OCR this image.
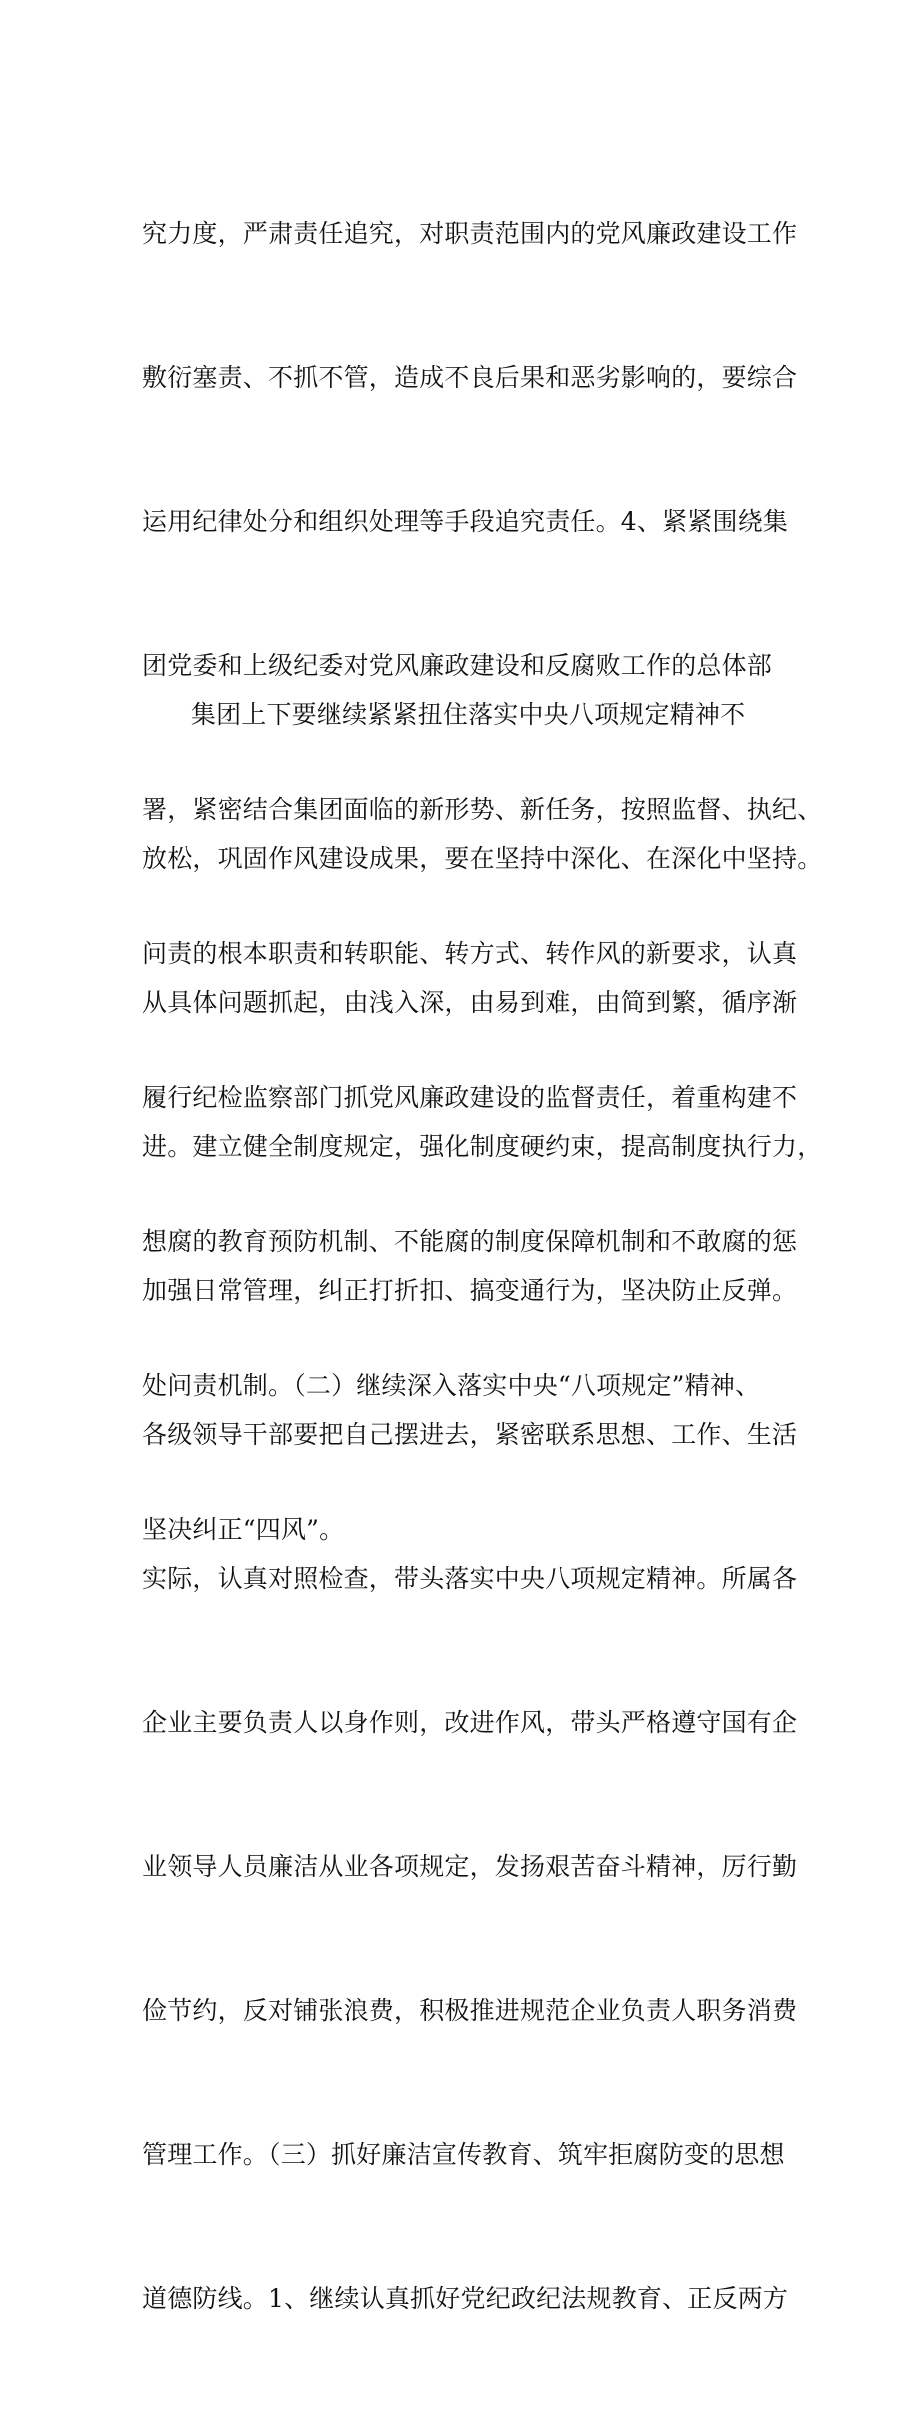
究力度，严肃责任追究，对职责范围内的党风廉政建设工作

敷衍塞责、不抓不管，造成不良后果和恶劣影响的，要综合

运用纪律处分和组织处理等手段追究责任。4、紧紧围绕集

团党委和上级纪委对党风廉政建设和反腐败工作的总体部

署，紧密结合集团面临的新形势、新任务，按照监督、执纪、

问责的根本职责和转职能、转方式、转作风的新要求，认真

履行纪检监察部门抓党风廉政建设的监督责任，着重构建不

想腐的教育预防机制、不能腐的制度保障机制和不敢腐的惩

处问责机制。（二）继续深入落实中央“八项规定”精神、

坚决纠正“四风”。

集团上下要继续紧紧扭住落实中央八项规定精神不

放松，巩固作风建设成果，要在坚持中深化、在深化中坚持。

从具体问题抓起，由浅入深，由易到难，由简到繁，循序渐

进。建立健全制度规定，强化制度硬约束，提高制度执行力，

加强日常管理，纠正打折扣、搞变通行为，坚决防止反弹。

各级领导干部要把自己摆进去，紧密联系思想、工作、生活

实际，认真对照检查，带头落实中央八项规定精神。所属各

企业主要负责人以身作则，改进作风，带头严格遵守国有企

业领导人员廉洁从业各项规定，发扬艰苦奋斗精神，厉行勤

俭节约，反对铺张浪费，积极推进规范企业负责人职务消费

管理工作。（三）抓好廉洁宣传教育、筑牢拒腐防变的思想

道德防线。1、继续认真抓好党纪政纪法规教育、正反两方
